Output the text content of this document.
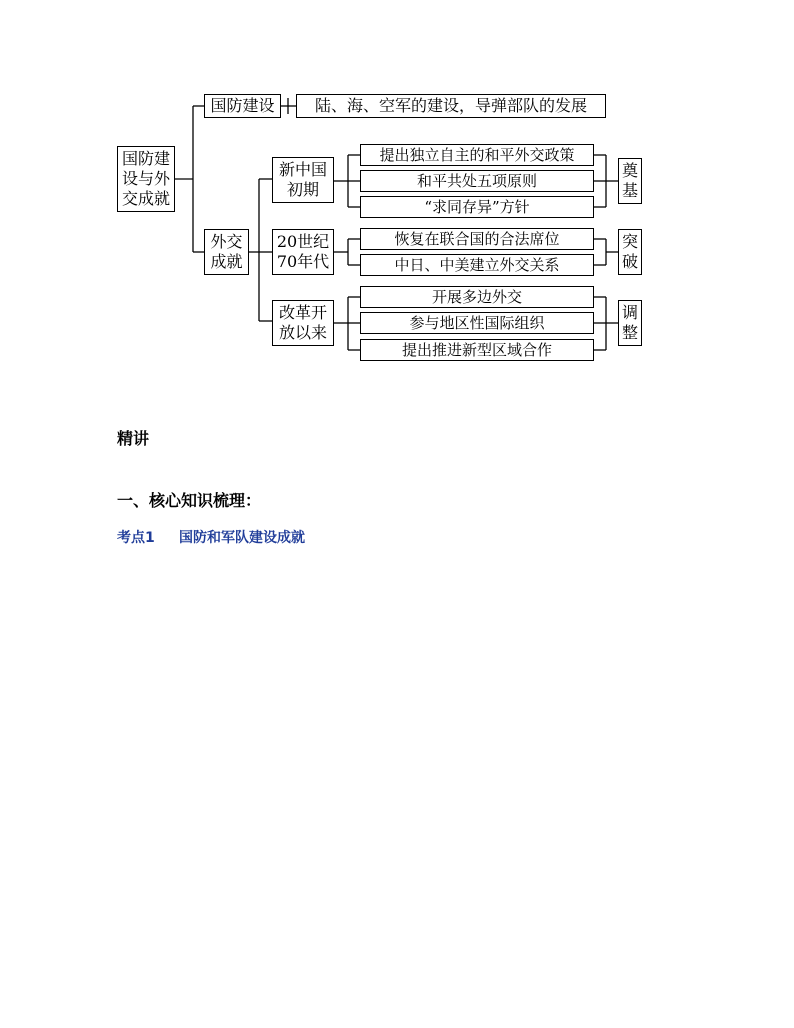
国防建
设与外
交成就
国防建设	陆、海、空军的建设，导弹部队的发展
外交
成就
新中国
初期
提出独立自主的和平外交政策
和平共处五项原则
“求同存异”方针
奠
基
20世纪
70年代
恢复在联合国的合法席位
中日、中美建立外交关系
突
破
改革开
放以来
开展多边外交
参与地区性国际组织
提出推进新型区域合作
调
整
精讲
一、核心知识梳理：
考点1 国防和军队建设成就
